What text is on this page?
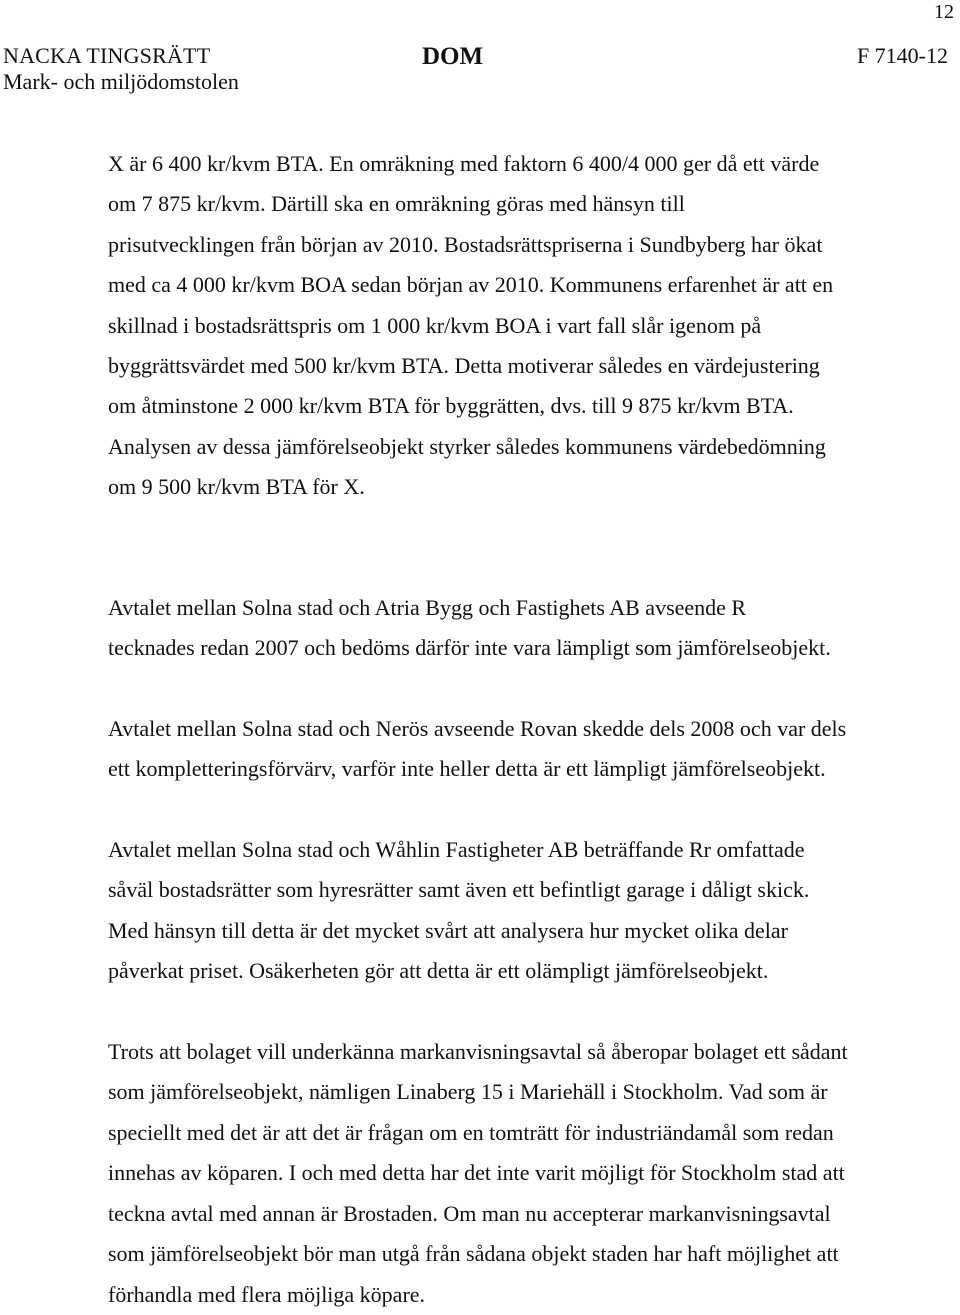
12
NACKA TINGSRÄTT
Mark- och miljödomstolen
DOM	F 7140-12

X är 6 400 kr/kvm BTA. En omräkning med faktorn 6 400/4 000 ger då ett värde
om 7 875 kr/kvm. Därtill ska en omräkning göras med hänsyn till
prisutvecklingen från början av 2010. Bostadsrättspriserna i Sundbyberg har ökat
med ca 4 000 kr/kvm BOA sedan början av 2010. Kommunens erfarenhet är att en
skillnad i bostadsrättspris om 1 000 kr/kvm BOA i vart fall slår igenom på
byggrättsvärdet med 500 kr/kvm BTA. Detta motiverar således en värdejustering
om åtminstone 2 000 kr/kvm BTA för byggrätten, dvs. till 9 875 kr/kvm BTA.
Analysen av dessa jämförelseobjekt styrker således kommunens värdebedömning
om 9 500 kr/kvm BTA för X.

Avtalet mellan Solna stad och Atria Bygg och Fastighets AB avseende R
tecknades redan 2007 och bedöms därför inte vara lämpligt som jämförelseobjekt.

Avtalet mellan Solna stad och Nerös avseende Rovan skedde dels 2008 och var dels
ett kompletteringsförvärv, varför inte heller detta är ett lämpligt jämförelseobjekt.

Avtalet mellan Solna stad och Wåhlin Fastigheter AB beträffande Rr omfattade
såväl bostadsrätter som hyresrätter samt även ett befintligt garage i dåligt skick.
Med hänsyn till detta är det mycket svårt att analysera hur mycket olika delar
påverkat priset. Osäkerheten gör att detta är ett olämpligt jämförelseobjekt.

Trots att bolaget vill underkänna markanvisningsavtal så åberopar bolaget ett sådant
som jämförelseobjekt, nämligen Linaberg 15 i Mariehäll i Stockholm. Vad som är
speciellt med det är att det är frågan om en tomträtt för industriändamål som redan
innehas av köparen. I och med detta har det inte varit möjligt för Stockholm stad att
teckna avtal med annan är Brostaden. Om man nu accepterar markanvisningsavtal
som jämförelseobjekt bör man utgå från sådana objekt staden har haft möjlighet att
förhandla med flera möjliga köpare.
